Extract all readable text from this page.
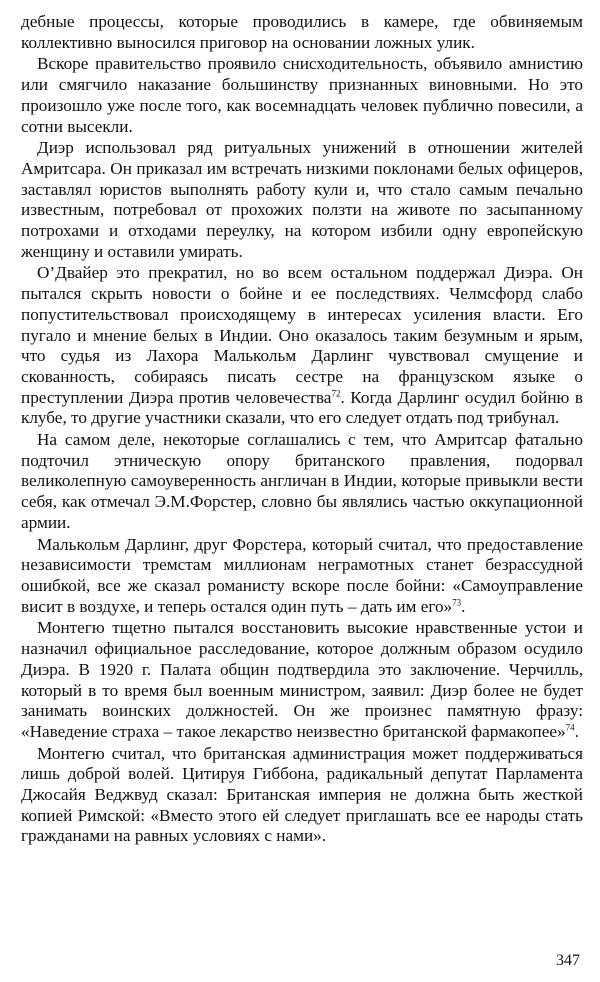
дебные процессы, которые проводились в камере, где обвиняемым коллективно выносился приговор на основании ложных улик.

Вскоре правительство проявило снисходительность, объявило амнистию или смягчило наказание большинству признанных виновными. Но это произошло уже после того, как восемнадцать человек публично повесили, а сотни высекли.

Диэр использовал ряд ритуальных унижений в отношении жителей Амритсара. Он приказал им встречать низкими поклонами белых офицеров, заставлял юристов выполнять работу кули и, что стало самым печально известным, потребовал от прохожих ползти на животе по засыпанному потрохами и отходами переулку, на котором избили одну европейскую женщину и оставили умирать.

О’Двайер это прекратил, но во всем остальном поддержал Диэра. Он пытался скрыть новости о бойне и ее последствиях. Челмсфорд слабо попустительствовал происходящему в интересах усиления власти. Его пугало и мнение белых в Индии. Оно оказалось таким безумным и ярым, что судья из Лахора Малькольм Дарлинг чувствовал смущение и скованность, собираясь писать сестре на французском языке о преступлении Диэра против человечества$^{72}$. Когда Дарлинг осудил бойню в клубе, то другие участники сказали, что его следует отдать под трибунал.

На самом деле, некоторые соглашались с тем, что Амритсар фатально подточил этническую опору британского правления, подорвал великолепную самоуверенность англичан в Индии, которые привыкли вести себя, как отмечал Э.М.Форстер, словно бы являлись частью оккупационной армии.

Малькольм Дарлинг, друг Форстера, который считал, что предоставление независимости тремстам миллионам неграмотных станет безрассудной ошибкой, все же сказал романисту вскоре после бойни: «Самоуправление висит в воздухе, и теперь остался один путь – дать им его»$^{73}$.

Монтегю тщетно пытался восстановить высокие нравственные устои и назначил официальное расследование, которое должным образом осудило Диэра. В 1920 г. Палата общин подтвердила это заключение. Черчилль, который в то время был военным министром, заявил: Диэр более не будет занимать воинских должностей. Он же произнес памятную фразу: «Наведение страха – такое лекарство неизвестно британской фармакопее»$^{74}$.

Монтегю считал, что британская администрация может поддерживаться лишь доброй волей. Цитируя Гиббона, радикальный депутат Парламента Джосайя Веджвуд сказал: Британская империя не должна быть жесткой копией Римской: «Вместо этого ей следует приглашать все ее народы стать гражданами на равных условиях с нами».

347
